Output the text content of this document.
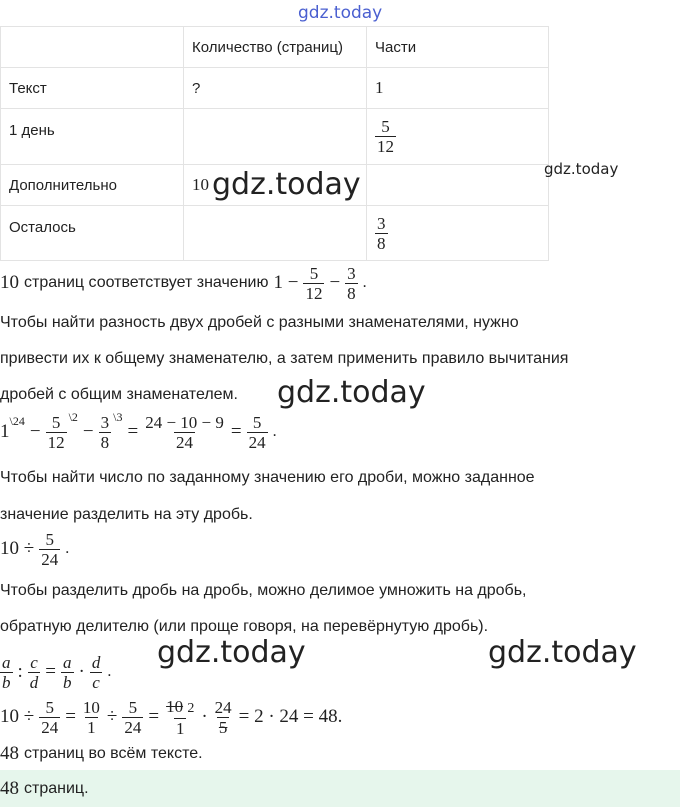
gdz.today
	Количество (страниц)	Части
Текст	?	1
1 день		$\frac{5}{12}$

Дополнительно	10	
Осталось		$\frac{3}{8}$
gdz.today	gdz.today
10 страниц соответствует значению $1 - \frac{5}{12} - \frac{3}{8}$ .
Чтобы найти разность двух дробей с разными знаменателями, нужно
привести их к общему знаменателю, а затем применить правило вычитания
дробей с общим знаменателем. gdz.today
1 \24 − $\frac{5}{12}$ \2
− $\frac{3}{8}$ \3
= $\frac{24 - 10 - 9}{24} = \frac{5}{24}$ .
Чтобы найти число по заданному значению его дроби, можно заданное
значение разделить на эту дробь.
$10 \div \frac{5}{24}$ .
Чтобы разделить дробь на дробь, можно делимое умножить на дробь,
обратную делителю (или проще говоря, на перевёрнутую дробь).
$\frac{a}{b}$ : $\frac{c}{d} = \frac{a}{b} \cdot \frac{d}{c}$ .
gdz.today	gdz.today
$10 \div \frac{5}{24} = \frac{10}{1} \div \frac{5}{24} = \frac{10 2}{1} \cdot \frac{24}{5} = 2 \cdot 24 = 48$.
48 страниц во всём тексте.
48 страниц.
